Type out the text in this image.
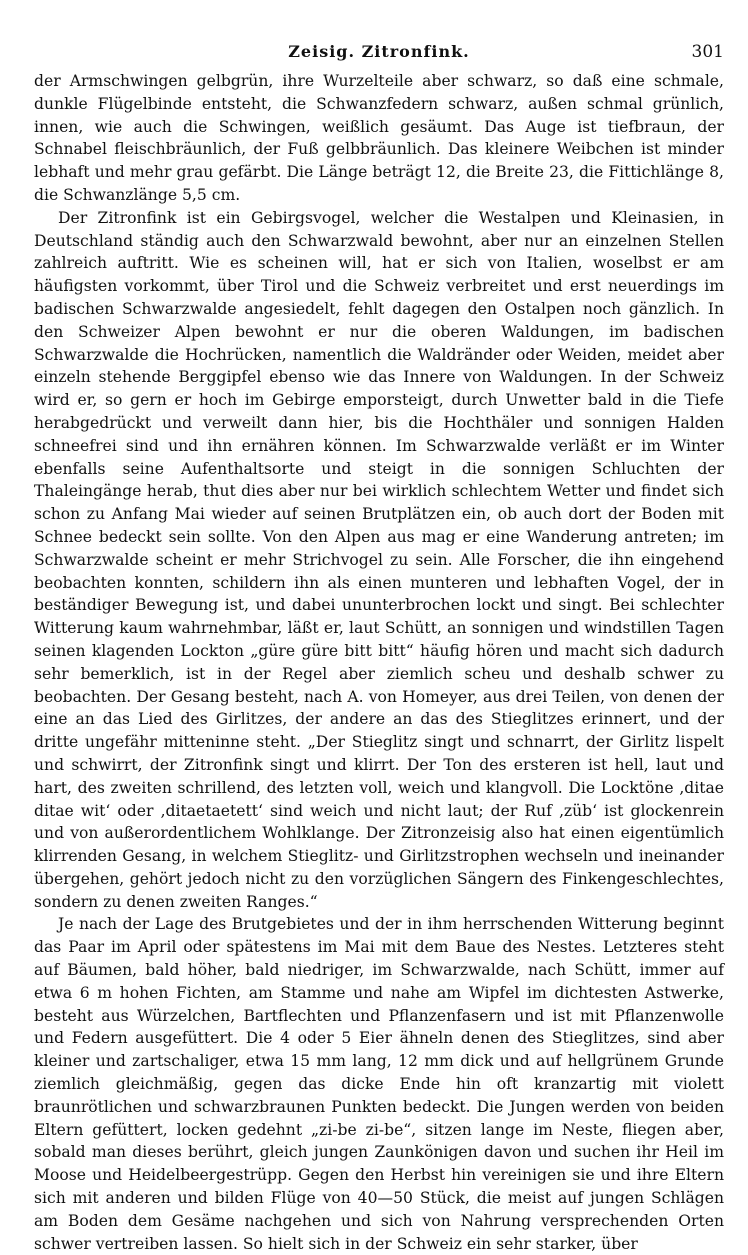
Zeisig. Zitronfink.	301

der Armschwingen gelbgrün, ihre Wurzelteile aber schwarz, so daß eine schmale, dunkle Flügelbinde entsteht, die Schwanzfedern schwarz, außen schmal grünlich, innen, wie auch die Schwingen, weißlich gesäumt. Das Auge ist tiefbraun, der Schnabel fleischbräunlich, der Fuß gelbbräunlich. Das kleinere Weibchen ist minder lebhaft und mehr grau gefärbt. Die Länge beträgt 12, die Breite 23, die Fittichlänge 8, die Schwanzlänge 5,5 cm.

Der Zitronfink ist ein Gebirgsvogel, welcher die Westalpen und Kleinasien, in Deutschland ständig auch den Schwarzwald bewohnt, aber nur an einzelnen Stellen zahlreich auftritt. Wie es scheinen will, hat er sich von Italien, woselbst er am häufigsten vorkommt, über Tirol und die Schweiz verbreitet und erst neuerdings im badischen Schwarzwalde angesiedelt, fehlt dagegen den Ostalpen noch gänzlich. In den Schweizer Alpen bewohnt er nur die oberen Waldungen, im badischen Schwarzwalde die Hochrücken, namentlich die Waldränder oder Weiden, meidet aber einzeln stehende Berggipfel ebenso wie das Innere von Waldungen. In der Schweiz wird er, so gern er hoch im Gebirge emporsteigt, durch Unwetter bald in die Tiefe herabgedrückt und verweilt dann hier, bis die Hochthäler und sonnigen Halden schneefrei sind und ihn ernähren können. Im Schwarzwalde verläßt er im Winter ebenfalls seine Aufenthaltsorte und steigt in die sonnigen Schluchten der Thaleingänge herab, thut dies aber nur bei wirklich schlechtem Wetter und findet sich schon zu Anfang Mai wieder auf seinen Brutplätzen ein, ob auch dort der Boden mit Schnee bedeckt sein sollte. Von den Alpen aus mag er eine Wanderung antreten; im Schwarzwalde scheint er mehr Strichvogel zu sein. Alle Forscher, die ihn eingehend beobachten konnten, schildern ihn als einen munteren und lebhaften Vogel, der in beständiger Bewegung ist, und dabei ununterbrochen lockt und singt. Bei schlechter Witterung kaum wahrnehmbar, läßt er, laut Schütt, an sonnigen und windstillen Tagen seinen klagenden Lockton „güre güre bitt bitt“ häufig hören und macht sich dadurch sehr bemerklich, ist in der Regel aber ziemlich scheu und deshalb schwer zu beobachten. Der Gesang besteht, nach A. von Homeyer, aus drei Teilen, von denen der eine an das Lied des Girlitzes, der andere an das des Stieglitzes erinnert, und der dritte ungefähr mitteninne steht. „Der Stieglitz singt und schnarrt, der Girlitz lispelt und schwirrt, der Zitronfink singt und klirrt. Der Ton des ersteren ist hell, laut und hart, des zweiten schrillend, des letzten voll, weich und klangvoll. Die Locktöne ‚ditae ditae wit‘ oder ‚ditaetaetett‘ sind weich und nicht laut; der Ruf ‚züb‘ ist glockenrein und von außerordentlichem Wohlklange. Der Zitronzeisig also hat einen eigentümlich klirrenden Gesang, in welchem Stieglitz- und Girlitzstrophen wechseln und ineinander übergehen, gehört jedoch nicht zu den vorzüglichen Sängern des Finkengeschlechtes, sondern zu denen zweiten Ranges.“

Je nach der Lage des Brutgebietes und der in ihm herrschenden Witterung beginnt das Paar im April oder spätestens im Mai mit dem Baue des Nestes. Letzteres steht auf Bäumen, bald höher, bald niedriger, im Schwarzwalde, nach Schütt, immer auf etwa 6 m hohen Fichten, am Stamme und nahe am Wipfel im dichtesten Astwerke, besteht aus Würzelchen, Bartflechten und Pflanzenfasern und ist mit Pflanzenwolle und Federn ausgefüttert. Die 4 oder 5 Eier ähneln denen des Stieglitzes, sind aber kleiner und zartschaliger, etwa 15 mm lang, 12 mm dick und auf hellgrünem Grunde ziemlich gleichmäßig, gegen das dicke Ende hin oft kranzartig mit violett braunrötlichen und schwarzbraunen Punkten bedeckt. Die Jungen werden von beiden Eltern gefüttert, locken gedehnt „zi-be zi-be“, sitzen lange im Neste, fliegen aber, sobald man dieses berührt, gleich jungen Zaunkönigen davon und suchen ihr Heil im Moose und Heidelbeergestrüpp. Gegen den Herbst hin vereinigen sie und ihre Eltern sich mit anderen und bilden Flüge von 40—50 Stück, die meist auf jungen Schlägen am Boden dem Gesäme nachgehen und sich von Nahrung versprechenden Orten schwer vertreiben lassen. So hielt sich in der Schweiz ein sehr starker, über
